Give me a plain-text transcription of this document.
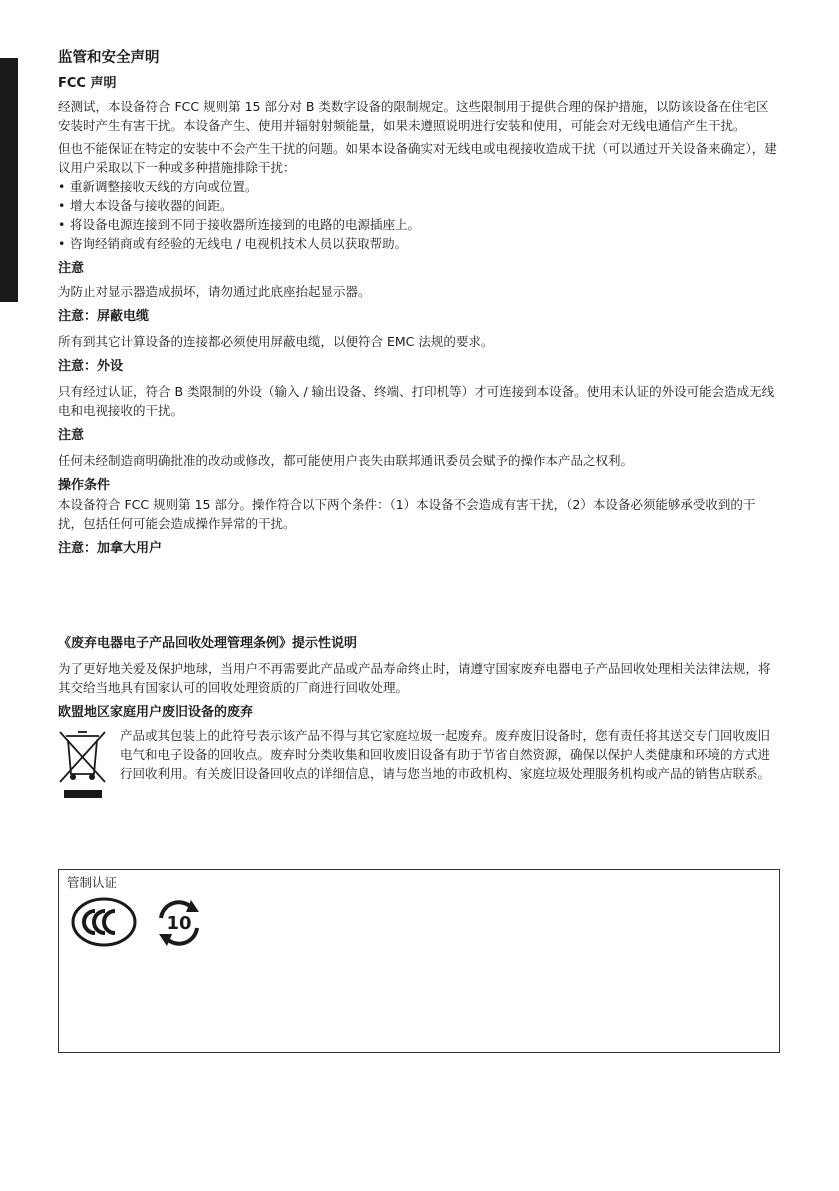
监管和安全声明
FCC 声明
经测试，本设备符合 FCC 规则第 15 部分对 B 类数字设备的限制规定。这些限制用于提供合理的保护措施，以防该设备在住宅区安装时产生有害干扰。本设备产生、使用并辐射射频能量，如果未遵照说明进行安装和使用，可能会对无线电通信产生干扰。
但也不能保证在特定的安装中不会产生干扰的问题。如果本设备确实对无线电或电视接收造成干扰（可以通过开关设备来确定），建议用户采取以下一种或多种措施排除干扰：
• 重新调整接收天线的方向或位置。
• 增大本设备与接收器的间距。
• 将设备电源连接到不同于接收器所连接到的电路的电源插座上。
• 咨询经销商或有经验的无线电 / 电视机技术人员以获取帮助。
注意
为防止对显示器造成损坏，请勿通过此底座抬起显示器。
注意：屏蔽电缆
所有到其它计算设备的连接都必须使用屏蔽电缆，以便符合 EMC 法规的要求。
注意：外设
只有经过认证，符合 B 类限制的外设（输入 / 输出设备、终端、打印机等）才可连接到本设备。使用未认证的外设可能会造成无线电和电视接收的干扰。
注意
任何未经制造商明确批准的改动或修改，都可能使用户丧失由联邦通讯委员会赋予的操作本产品之权利。
操作条件
本设备符合 FCC 规则第 15 部分。操作符合以下两个条件：（1）本设备不会造成有害干扰，（2）本设备必须能够承受收到的干扰，包括任何可能会造成操作异常的干扰。
注意：加拿大用户
《废弃电器电子产品回收处理管理条例》提示性说明
为了更好地关爱及保护地球，当用户不再需要此产品或产品寿命终止时，请遵守国家废弃电器电子产品回收处理相关法律法规，将其交给当地具有国家认可的回收处理资质的厂商进行回收处理。
欧盟地区家庭用户废旧设备的废弃
产品或其包装上的此符号表示该产品不得与其它家庭垃圾一起废弃。废弃废旧设备时，您有责任将其送交专门回收废旧电气和电子设备的回收点。废弃时分类收集和回收废旧设备有助于节省自然资源，确保以保护人类健康和环境的方式进行回收利用。有关废旧设备回收点的详细信息，请与您当地的市政机构、家庭垃圾处理服务机构或产品的销售店联系。
管制认证
10
